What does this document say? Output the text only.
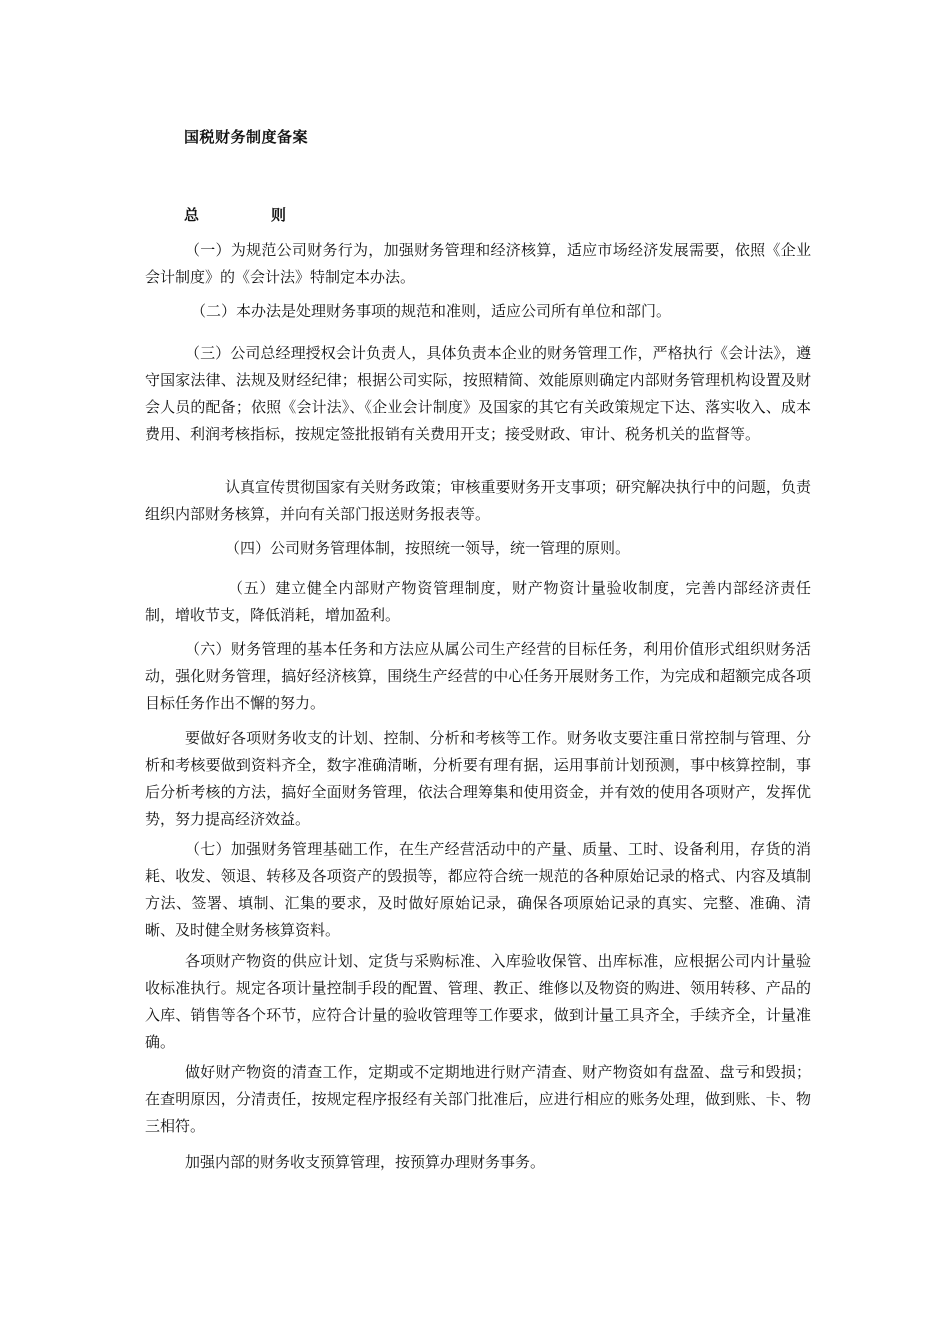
国税财务制度备案
总	则

（一）为规范公司财务行为，加强财务管理和经济核算，适应市场经济发展需要，依照《企业会计制度》的《会计法》特制定本办法。

（二）本办法是处理财务事项的规范和准则，适应公司所有单位和部门。

（三）公司总经理授权会计负责人，具体负责本企业的财务管理工作，严格执行《会计法》，遵守国家法律、法规及财经纪律；根据公司实际，按照精简、效能原则确定内部财务管理机构设置及财会人员的配备；依照《会计法》、《企业会计制度》及国家的其它有关政策规定下达、落实收入、成本费用、利润考核指标，按规定签批报销有关费用开支；接受财政、审计、税务机关的监督等。

认真宣传贯彻国家有关财务政策；审核重要财务开支事项；研究解决执行中的问题，负责组织内部财务核算，并向有关部门报送财务报表等。

（四）公司财务管理体制，按照统一领导，统一管理的原则。

（五）建立健全内部财产物资管理制度，财产物资计量验收制度，完善内部经济责任制，增收节支，降低消耗，增加盈利。

（六）财务管理的基本任务和方法应从属公司生产经营的目标任务，利用价值形式组织财务活动，强化财务管理，搞好经济核算，围绕生产经营的中心任务开展财务工作，为完成和超额完成各项目标任务作出不懈的努力。

要做好各项财务收支的计划、控制、分析和考核等工作。财务收支要注重日常控制与管理、分析和考核要做到资料齐全，数字准确清晰，分析要有理有据，运用事前计划预测，事中核算控制，事后分析考核的方法，搞好全面财务管理，依法合理筹集和使用资金，并有效的使用各项财产，发挥优势，努力提高经济效益。

（七）加强财务管理基础工作，在生产经营活动中的产量、质量、工时、设备利用，存货的消耗、收发、领退、转移及各项资产的毁损等，都应符合统一规范的各种原始记录的格式、内容及填制方法、签署、填制、汇集的要求，及时做好原始记录，确保各项原始记录的真实、完整、准确、清晰、及时健全财务核算资料。

各项财产物资的供应计划、定货与采购标准、入库验收保管、出库标准，应根据公司内计量验收标准执行。规定各项计量控制手段的配置、管理、教正、维修以及物资的购进、领用转移、产品的入库、销售等各个环节，应符合计量的验收管理等工作要求，做到计量工具齐全，手续齐全，计量准确。

做好财产物资的清查工作，定期或不定期地进行财产清查、财产物资如有盘盈、盘亏和毁损；在查明原因，分清责任，按规定程序报经有关部门批准后，应进行相应的账务处理，做到账、卡、物三相符。

加强内部的财务收支预算管理，按预算办理财务事务。
